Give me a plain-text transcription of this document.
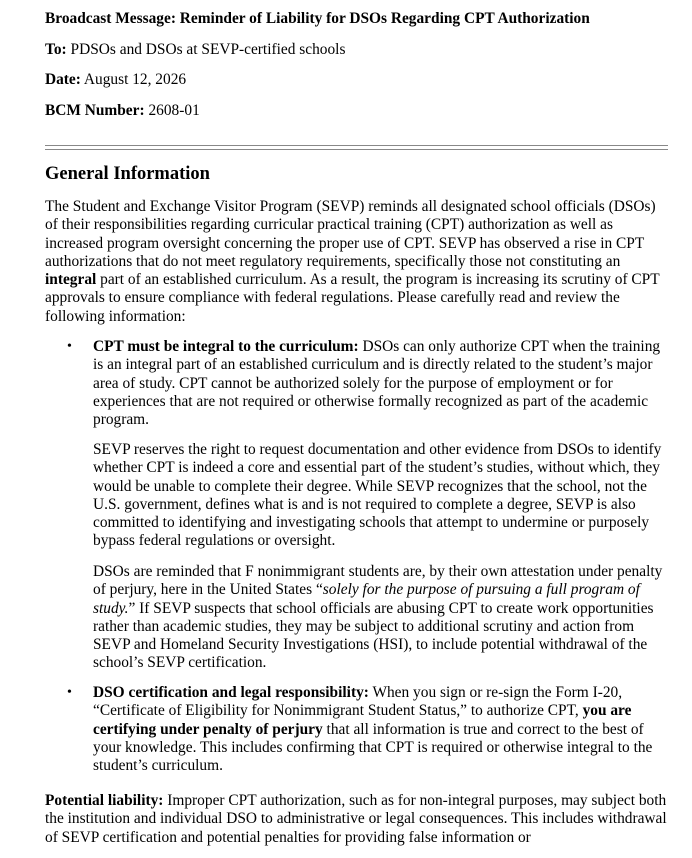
Broadcast Message: Reminder of Liability for DSOs Regarding CPT Authorization

To: PDSOs and DSOs at SEVP-certified schools

Date: August 12, 2026

BCM Number: 2608-01

General Information

The Student and Exchange Visitor Program (SEVP) reminds all designated school officials (DSOs) of their responsibilities regarding curricular practical training (CPT) authorization as well as increased program oversight concerning the proper use of CPT. SEVP has observed a rise in CPT authorizations that do not meet regulatory requirements, specifically those not constituting an integral part of an established curriculum. As a result, the program is increasing its scrutiny of CPT approvals to ensure compliance with federal regulations. Please carefully read and review the following information:

• CPT must be integral to the curriculum: DSOs can only authorize CPT when the training is an integral part of an established curriculum and is directly related to the student’s major area of study. CPT cannot be authorized solely for the purpose of employment or for experiences that are not required or otherwise formally recognized as part of the academic program.

SEVP reserves the right to request documentation and other evidence from DSOs to identify whether CPT is indeed a core and essential part of the student’s studies, without which, they would be unable to complete their degree. While SEVP recognizes that the school, not the U.S. government, defines what is and is not required to complete a degree, SEVP is also committed to identifying and investigating schools that attempt to undermine or purposely bypass federal regulations or oversight.

DSOs are reminded that F nonimmigrant students are, by their own attestation under penalty of perjury, here in the United States “solely for the purpose of pursuing a full program of study.” If SEVP suspects that school officials are abusing CPT to create work opportunities rather than academic studies, they may be subject to additional scrutiny and action from SEVP and Homeland Security Investigations (HSI), to include potential withdrawal of the school’s SEVP certification.

• DSO certification and legal responsibility: When you sign or re-sign the Form I-20, “Certificate of Eligibility for Nonimmigrant Student Status,” to authorize CPT, you are certifying under penalty of perjury that all information is true and correct to the best of your knowledge. This includes confirming that CPT is required or otherwise integral to the student’s curriculum.

Potential liability: Improper CPT authorization, such as for non-integral purposes, may subject both the institution and individual DSO to administrative or legal consequences. This includes withdrawal of SEVP certification and potential penalties for providing false information or
